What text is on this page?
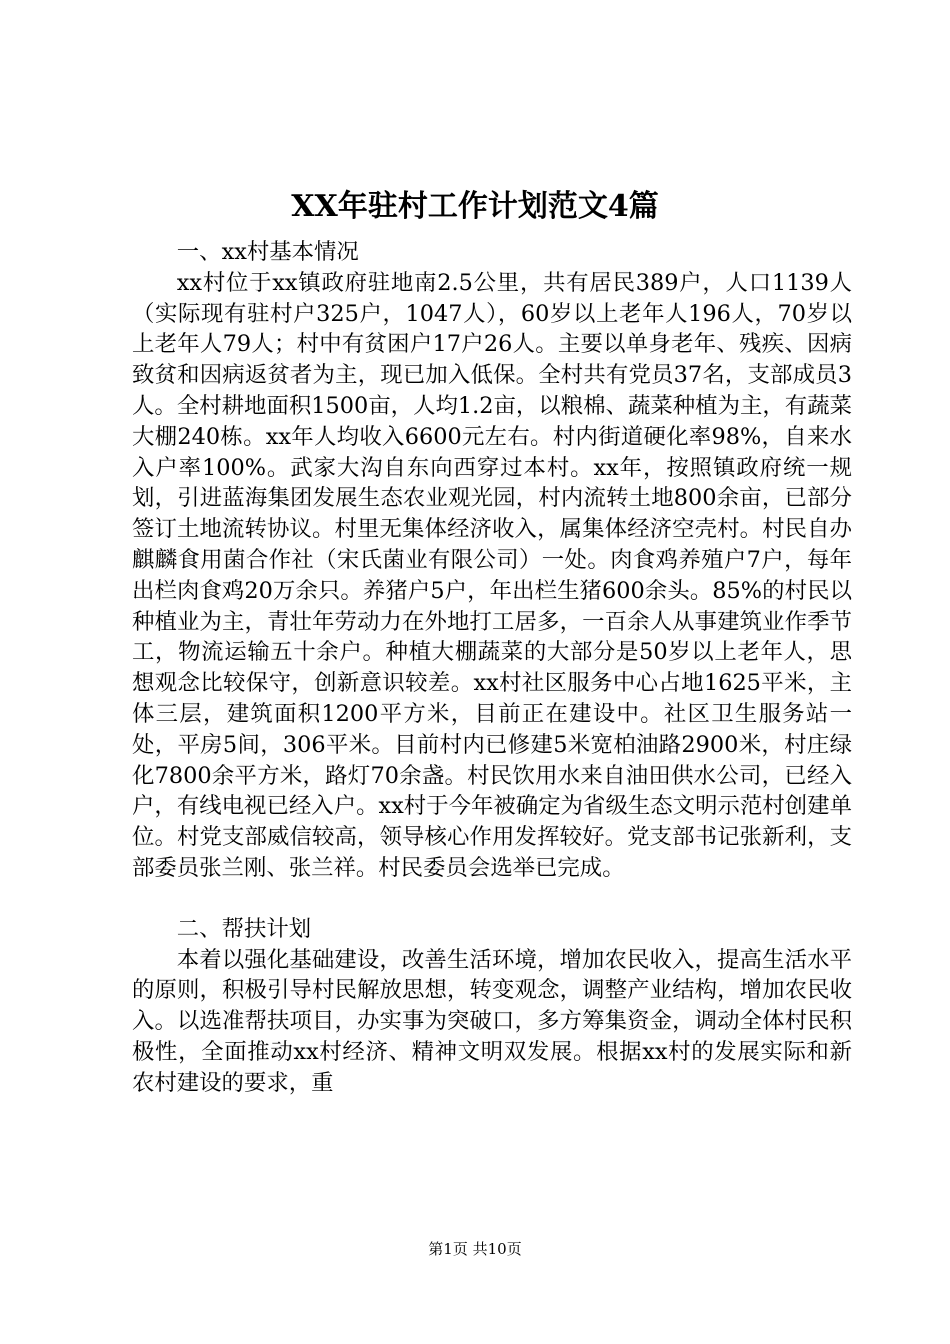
XX年驻村工作计划范文4篇

一、xx村基本情况

xx村位于xx镇政府驻地南2.5公里，共有居民389户，人口1139人（实际现有驻村户325户，1047人），60岁以上老年人196人，70岁以上老年人79人；村中有贫困户17户26人。主要以单身老年、残疾、因病致贫和因病返贫者为主，现已加入低保。全村共有党员37名，支部成员3人。全村耕地面积1500亩，人均1.2亩，以粮棉、蔬菜种植为主，有蔬菜大棚240栋。xx年人均收入6600元左右。村内街道硬化率98%，自来水入户率100%。武家大沟自东向西穿过本村。xx年，按照镇政府统一规划，引进蓝海集团发展生态农业观光园，村内流转土地800余亩，已部分签订土地流转协议。村里无集体经济收入，属集体经济空壳村。村民自办麒麟食用菌合作社（宋氏菌业有限公司）一处。肉食鸡养殖户7户，每年出栏肉食鸡20万余只。养猪户5户，年出栏生猪600余头。85%的村民以种植业为主，青壮年劳动力在外地打工居多，一百余人从事建筑业作季节工，物流运输五十余户。种植大棚蔬菜的大部分是50岁以上老年人，思想观念比较保守，创新意识较差。xx村社区服务中心占地1625平米，主体三层，建筑面积1200平方米，目前正在建设中。社区卫生服务站一处，平房5间，306平米。目前村内已修建5米宽柏油路2900米，村庄绿化7800余平方米，路灯70余盏。村民饮用水来自油田供水公司，已经入户，有线电视已经入户。xx村于今年被确定为省级生态文明示范村创建单位。村党支部威信较高，领导核心作用发挥较好。党支部书记张新利，支部委员张兰刚、张兰祥。村民委员会选举已完成。

二、帮扶计划

本着以强化基础建设，改善生活环境，增加农民收入，提高生活水平的原则，积极引导村民解放思想，转变观念，调整产业结构，增加农民收入。以选准帮扶项目，办实事为突破口，多方筹集资金，调动全体村民积极性，全面推动xx村经济、精神文明双发展。根据xx村的发展实际和新农村建设的要求，重

第1页 共10页
